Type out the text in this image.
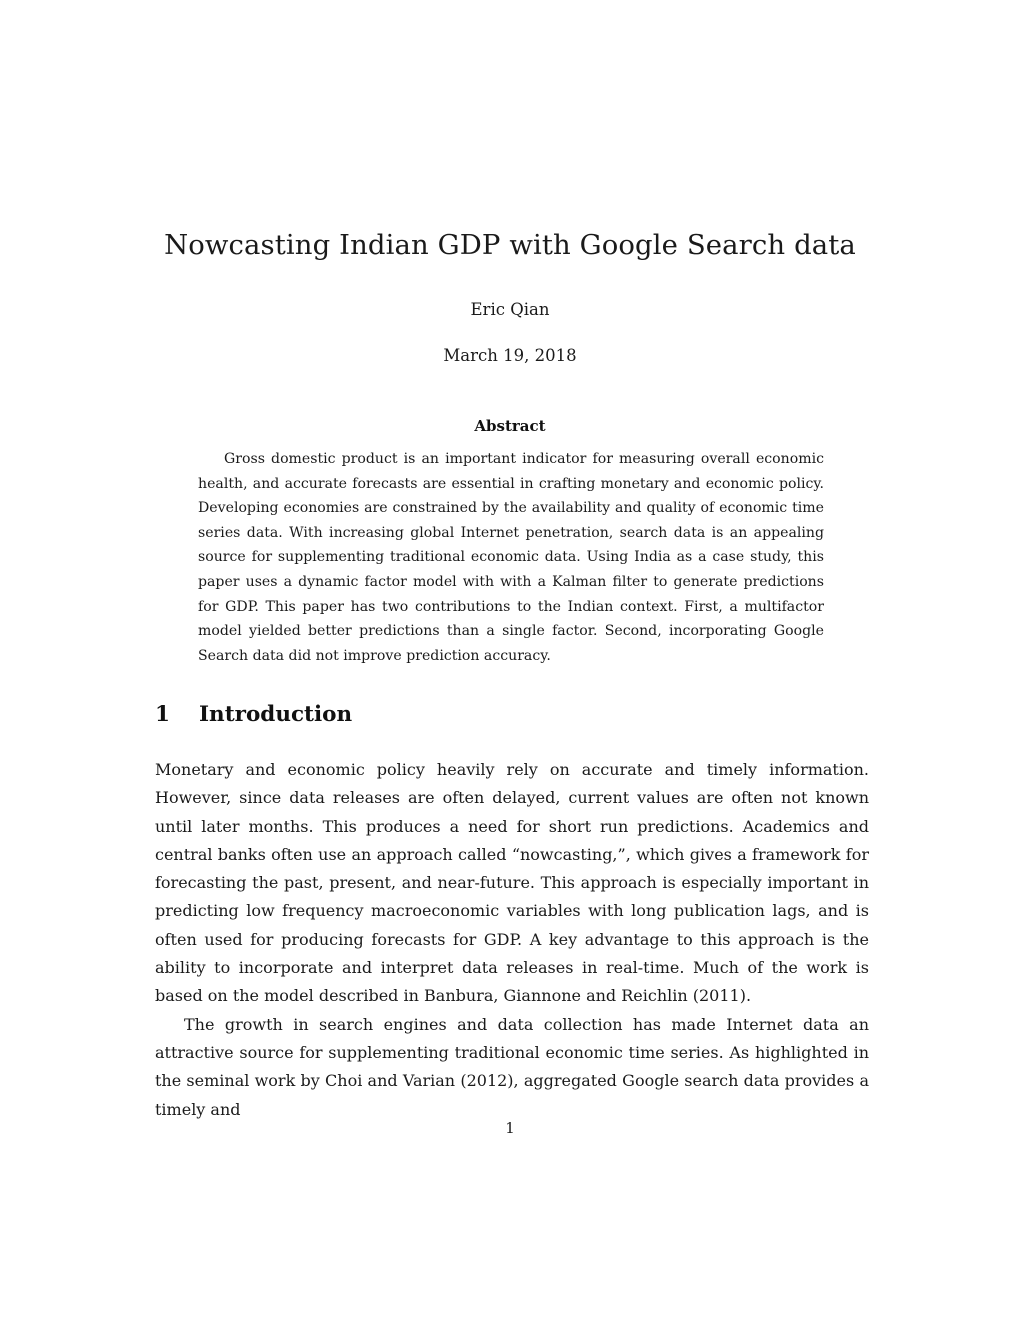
Nowcasting Indian GDP with Google Search data
Eric Qian
March 19, 2018
Abstract
Gross domestic product is an important indicator for measuring overall economic health, and accurate forecasts are essential in crafting monetary and economic policy. Developing economies are constrained by the availability and quality of economic time series data. With increasing global Internet penetration, search data is an appealing source for supplementing traditional economic data. Using India as a case study, this paper uses a dynamic factor model with with a Kalman filter to generate predictions for GDP. This paper has two contributions to the Indian context. First, a multifactor model yielded better predictions than a single factor. Second, incorporating Google Search data did not improve prediction accuracy.
1	Introduction

Monetary and economic policy heavily rely on accurate and timely information. However, since data releases are often delayed, current values are often not known until later months. This produces a need for short run predictions. Academics and central banks often use an approach called “nowcasting,”, which gives a framework for forecasting the past, present, and near-future. This approach is especially important in predicting low frequency macroeconomic variables with long publication lags, and is often used for producing forecasts for GDP. A key advantage to this approach is the ability to incorporate and interpret data releases in real-time. Much of the work is based on the model described in Banbura, Giannone and Reichlin (2011).

The growth in search engines and data collection has made Internet data an attractive source for supplementing traditional economic time series. As highlighted in the seminal work by Choi and Varian (2012), aggregated Google search data provides a timely and

1
